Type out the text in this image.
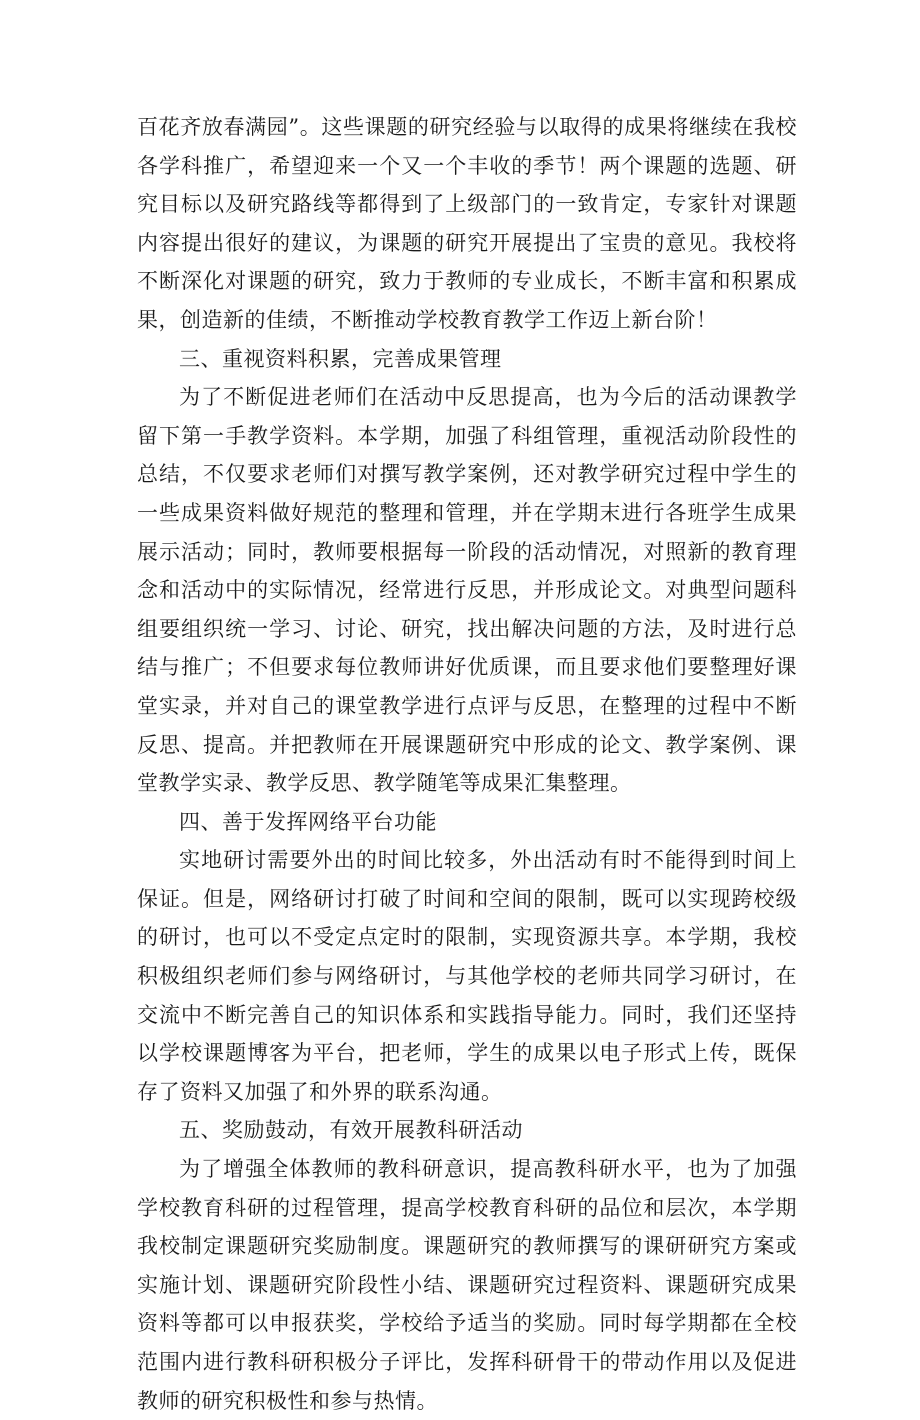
百花齐放春满园”。这些课题的研究经验与以取得的成果将继续在我校各学科推广，希望迎来一个又一个丰收的季节！两个课题的选题、研究目标以及研究路线等都得到了上级部门的一致肯定，专家针对课题内容提出很好的建议，为课题的研究开展提出了宝贵的意见。我校将不断深化对课题的研究，致力于教师的专业成长，不断丰富和积累成果，创造新的佳绩，不断推动学校教育教学工作迈上新台阶！

三、重视资料积累，完善成果管理

为了不断促进老师们在活动中反思提高，也为今后的活动课教学留下第一手教学资料。本学期，加强了科组管理，重视活动阶段性的总结，不仅要求老师们对撰写教学案例，还对教学研究过程中学生的一些成果资料做好规范的整理和管理，并在学期末进行各班学生成果展示活动；同时，教师要根据每一阶段的活动情况，对照新的教育理念和活动中的实际情况，经常进行反思，并形成论文。对典型问题科组要组织统一学习、讨论、研究，找出解决问题的方法，及时进行总结与推广；不但要求每位教师讲好优质课，而且要求他们要整理好课堂实录，并对自己的课堂教学进行点评与反思，在整理的过程中不断反思、提高。并把教师在开展课题研究中形成的论文、教学案例、课堂教学实录、教学反思、教学随笔等成果汇集整理。

四、善于发挥网络平台功能

实地研讨需要外出的时间比较多，外出活动有时不能得到时间上保证。但是，网络研讨打破了时间和空间的限制，既可以实现跨校级的研讨，也可以不受定点定时的限制，实现资源共享。本学期，我校积极组织老师们参与网络研讨，与其他学校的老师共同学习研讨，在交流中不断完善自己的知识体系和实践指导能力。同时，我们还坚持以学校课题博客为平台，把老师，学生的成果以电子形式上传，既保存了资料又加强了和外界的联系沟通。

五、奖励鼓动，有效开展教科研活动

为了增强全体教师的教科研意识，提高教科研水平，也为了加强学校教育科研的过程管理，提高学校教育科研的品位和层次，本学期我校制定课题研究奖励制度。课题研究的教师撰写的课研研究方案或实施计划、课题研究阶段性小结、课题研究过程资料、课题研究成果资料等都可以申报获奖，学校给予适当的奖励。同时每学期都在全校范围内进行教科研积极分子评比，发挥科研骨干的带动作用以及促进教师的研究积极性和参与热情。
